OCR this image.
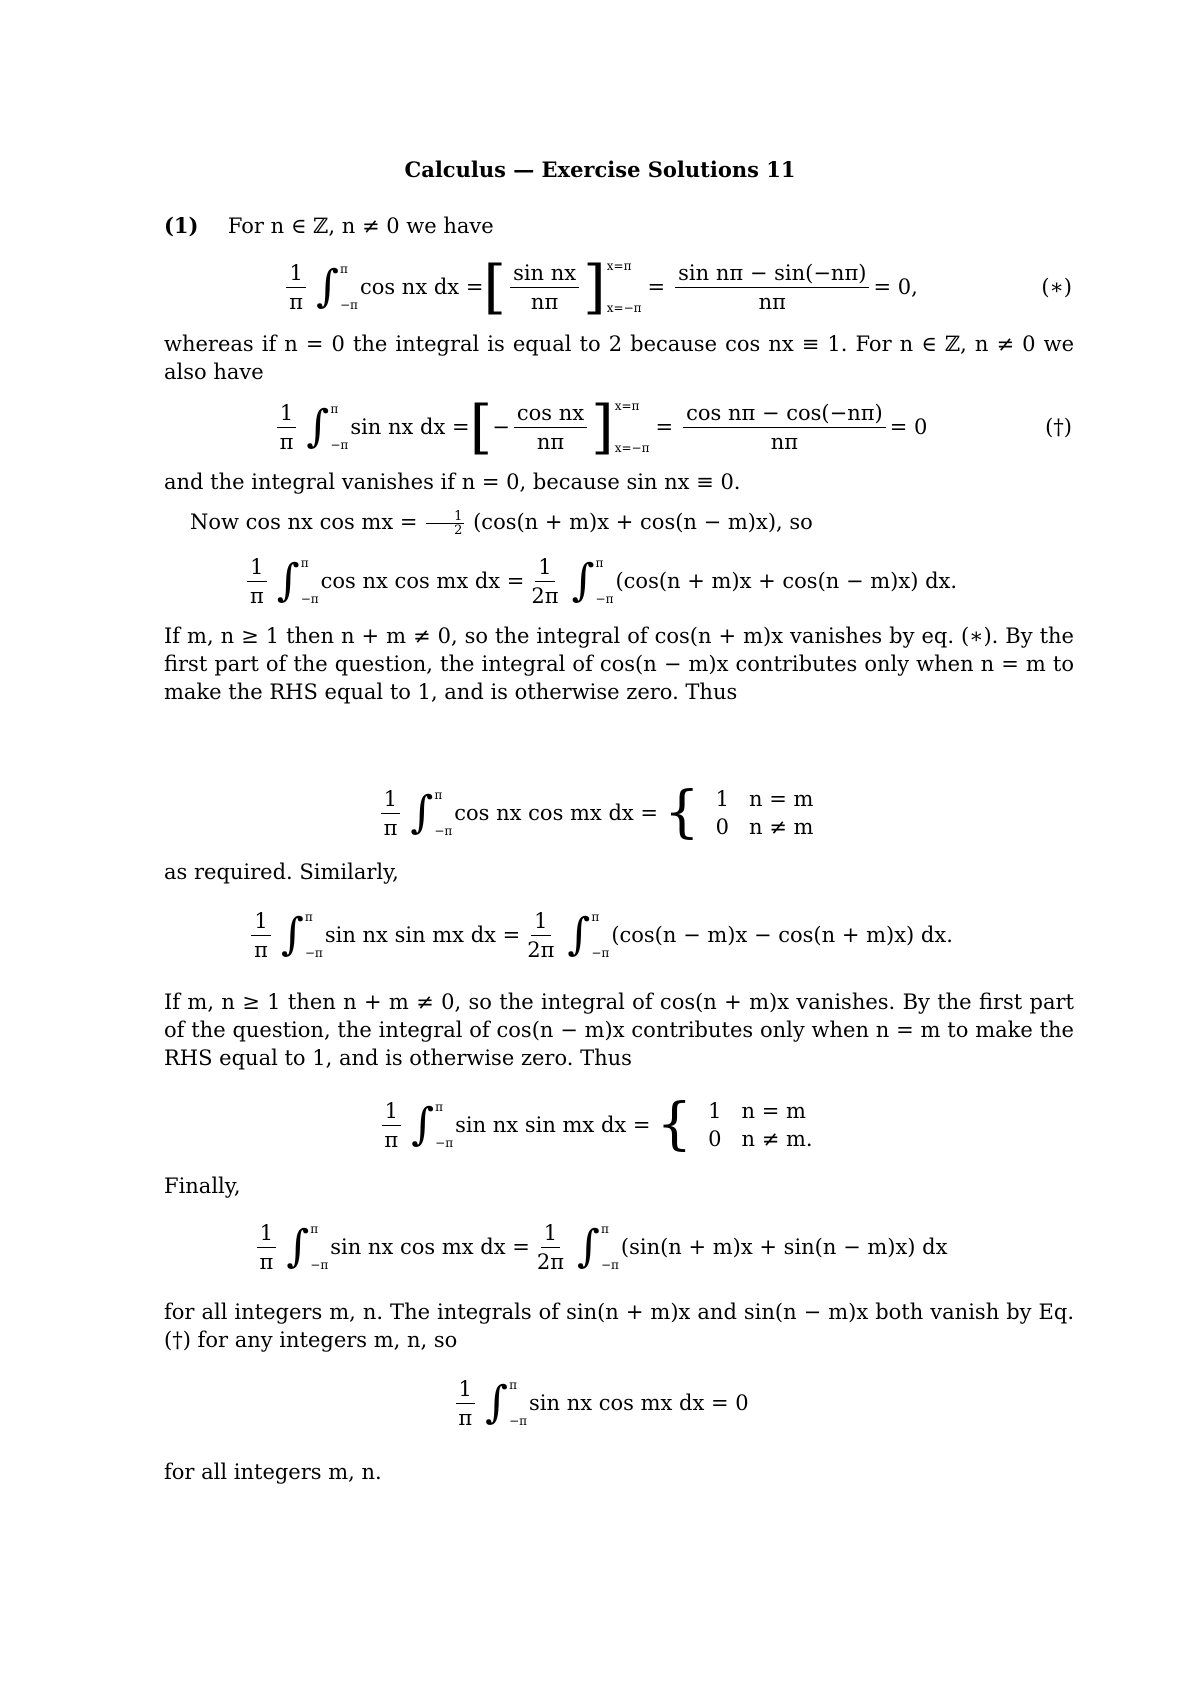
Calculus — Exercise Solutions 11
(1) For n ∈ ℤ, n ≠ 0 we have
$\frac{1}{\pi}$ ∫ π
−π
cos nx dx = [ $\frac{\text{sin nx}}{n\pi}$ ] x=π
x=−π
= $\frac{\text{sin nπ − sin(−nπ)}}{n\pi} = 0$,	(∗)
whereas if n = 0 the integral is equal to 2 because cos nx ≡ 1. For n ∈ ℤ, n ≠ 0 we also have
$\frac{1}{\pi}$ ∫ π
−π
sin nx dx = [ − $\frac{\text{cos nx}}{n\pi}$ ] x=π
x=−π
= $\frac{\text{cos nπ − cos(−nπ)}}{n\pi} = 0$	(†)
and the integral vanishes if n = 0, because sin nx ≡ 0.
Now cos nx cos mx = $\frac{1}{2} (\cos(n + m)x + \cos(n - m)x)$, so
$\frac{1}{\pi}$ ∫ π
−π
cos nx cos mx dx = $\frac{1}{2\pi}$ ∫ π
−π
(cos(n + m)x + cos(n − m)x) dx.
If m, n ≥ 1 then n + m ≠ 0, so the integral of cos(n + m)x vanishes by eq. (∗). By the first part of the question, the integral of cos(n − m)x contributes only when n = m to make the RHS equal to 1, and is otherwise zero. Thus
$\frac{1}{\pi}$ ∫ π
−π
cos nx cos mx dx = { 1	n = m
0	n ≠ m
as required. Similarly,
$\frac{1}{\pi}$ ∫ π
−π
sin nx sin mx dx = $\frac{1}{2\pi}$ ∫ π
−π
(cos(n − m)x − cos(n + m)x) dx.
If m, n ≥ 1 then n + m ≠ 0, so the integral of cos(n + m)x vanishes. By the first part of the question, the integral of cos(n − m)x contributes only when n = m to make the RHS equal to 1, and is otherwise zero. Thus
$\frac{1}{\pi}$ ∫ π
−π
sin nx sin mx dx = { 1	n = m
0	n ≠ m.
Finally,
$\frac{1}{\pi}$ ∫ π
−π
sin nx cos mx dx = $\frac{1}{2\pi}$ ∫ π
−π
(sin(n + m)x + sin(n − m)x) dx
for all integers m, n. The integrals of sin(n + m)x and sin(n − m)x both vanish by Eq. (†) for any integers m, n, so
$\frac{1}{\pi}$ ∫ π
−π
sin nx cos mx dx = 0
for all integers m, n.
